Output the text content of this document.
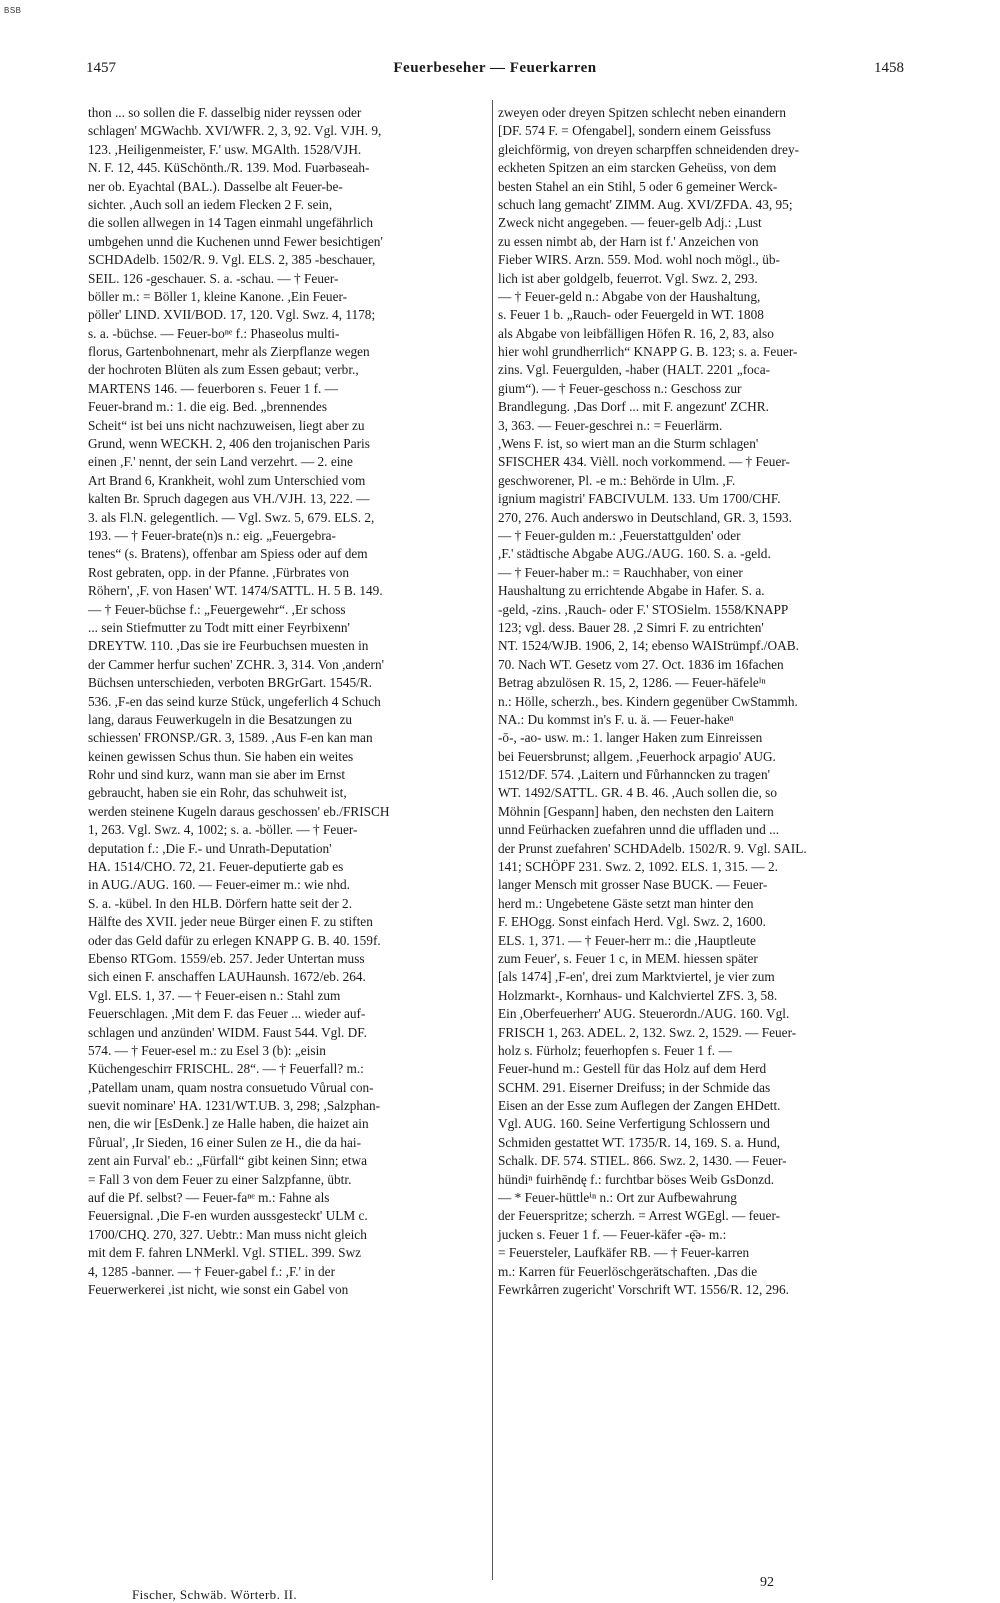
BSB
1457	Feuerbeseher — Feuerkarren	1458
thon ... so sollen die F. dasselbig nider reyssen oder
schlagen' MGWachb. XVI/WFR. 2, 3, 92. Vgl. VJH. 9,
123. ,Heiligenmeister, F.' usw. MGAlth. 1528/VJH.
N. F. 12, 445. KüSchönth./R. 139. Mod. Fuərbəseah-
ner ob. Eyachtal (BAL.). Dasselbe alt Feuer-be-
sichter. ,Auch soll an iedem Flecken 2 F. sein,
die sollen allwegen in 14 Tagen einmahl ungefährlich
umbgehen unnd die Kuchenen unnd Fewer besichtigen'
SCHDAdelb. 1502/R. 9. Vgl. ELS. 2, 385 -beschauer,
SEIL. 126 -geschauer. S. a. -schau. — † Feuer-
böller m.: = Böller 1, kleine Kanone. ,Ein Feuer-
pöller' LIND. XVII/BOD. 17, 120. Vgl. Swz. 4, 1178;
s. a. -büchse. — Feuer-boⁿᵉ f.: Phaseolus multi-
florus, Gartenbohnenart, mehr als Zierpflanze wegen
der hochroten Blüten als zum Essen gebaut; verbr.,
MARTENS 146. — feuerboren s. Feuer 1 f. —
Feuer-brand m.: 1. die eig. Bed. „brennendes
Scheit“ ist bei uns nicht nachzuweisen, liegt aber zu
Grund, wenn WECKH. 2, 406 den trojanischen Paris
einen ,F.' nennt, der sein Land verzehrt. — 2. eine
Art Brand 6, Krankheit, wohl zum Unterschied vom
kalten Br. Spruch dagegen aus VH./VJH. 13, 222. —
3. als Fl.N. gelegentlich. — Vgl. Swz. 5, 679. ELS. 2,
193. — † Feuer-brate(n)s n.: eig. „Feuergebra-
tenes“ (s. Bratens), offenbar am Spiess oder auf dem
Rost gebraten, opp. in der Pfanne. ,Fürbrates von
Röhern', ,F. von Hasen' WT. 1474/SATTL. H. 5 B. 149.
— † Feuer-büchse f.: „Feuergewehr“. ,Er schoss
... sein Stiefmutter zu Todt mitt einer Feyrbixenn'
DREYTW. 110. ,Das sie ire Feurbuchsen muesten in
der Cammer herfur suchen' ZCHR. 3, 314. Von ,andern'
Büchsen unterschieden, verboten BRGrGart. 1545/R.
536. ,F-en das seind kurze Stück, ungeferlich 4 Schuch
lang, daraus Feuwerkugeln in die Besatzungen zu
schiessen' FRONSP./GR. 3, 1589. ,Aus F-en kan man
keinen gewissen Schus thun. Sie haben ein weites
Rohr und sind kurz, wann man sie aber im Ernst
gebraucht, haben sie ein Rohr, das schuhweit ist,
werden steinene Kugeln daraus geschossen' eb./FRISCH
1, 263. Vgl. Swz. 4, 1002; s. a. -böller. — † Feuer-
deputation f.: ,Die F.- und Unrath-Deputation'
HA. 1514/CHO. 72, 21. Feuer-deputierte gab es
in AUG./AUG. 160. — Feuer-eimer m.: wie nhd.
S. a. -kübel. In den HLB. Dörfern hatte seit der 2.
Hälfte des XVII. jeder neue Bürger einen F. zu stiften
oder das Geld dafür zu erlegen KNAPP G. B. 40. 159f.
Ebenso RTGom. 1559/eb. 257. Jeder Untertan muss
sich einen F. anschaffen LAUHaunsh. 1672/eb. 264.
Vgl. ELS. 1, 37. — † Feuer-eisen n.: Stahl zum
Feuerschlagen. ,Mit dem F. das Feuer ... wieder auf-
schlagen und anzünden' WIDM. Faust 544. Vgl. DF.
574. — † Feuer-esel m.: zu Esel 3 (b): „eisin
Küchengeschirr FRISCHL. 28“. — † Feuerfall? m.:
,Patellam unam, quam nostra consuetudo Vůrual con-
suevit nominare' HA. 1231/WT.UB. 3, 298; ,Salzphan-
nen, die wir [EsDenk.] ze Halle haben, die haizet ain
Fůrual', ,Ir Sieden, 16 einer Sulen ze H., die da hai-
zent ain Furval' eb.: „Fürfall“ gibt keinen Sinn; etwa
= Fall 3 von dem Feuer zu einer Salzpfanne, übtr.
auf die Pf. selbst? — Feuer-faⁿᵉ m.: Fahne als
Feuersignal. ,Die F-en wurden aussgesteckt' ULM c.
1700/CHQ. 270, 327. Uebtr.: Man muss nicht gleich
mit dem F. fahren LNMerkl. Vgl. STIEL. 399. Swz
4, 1285 -banner. — † Feuer-gabel f.: ,F.' in der
Feuerwerkerei ,ist nicht, wie sonst ein Gabel von
zweyen oder dreyen Spitzen schlecht neben einandern
[DF. 574 F. = Ofengabel], sondern einem Geissfuss
gleichförmig, von dreyen scharpffen schneidenden drey-
eckheten Spitzen an eim starcken Geheüss, von dem
besten Stahel an ein Stihl, 5 oder 6 gemeiner Werck-
schuch lang gemacht' ZIMM. Aug. XVI/ZFDA. 43, 95;
Zweck nicht angegeben. — feuer-gelb Adj.: ,Lust
zu essen nimbt ab, der Harn ist f.' Anzeichen von
Fieber WIRS. Arzn. 559. Mod. wohl noch mögl., üb-
lich ist aber goldgelb, feuerrot. Vgl. Swz. 2, 293.
— † Feuer-geld n.: Abgabe von der Haushaltung,
s. Feuer 1 b. „Rauch- oder Feuergeld in WT. 1808
als Abgabe von leibfälligen Höfen R. 16, 2, 83, also
hier wohl grundherrlich“ KNAPP G. B. 123; s. a. Feuer-
zins. Vgl. Feuergulden, -haber (HALT. 2201 „foca-
gium“). — † Feuer-geschoss n.: Geschoss zur
Brandlegung. ,Das Dorf ... mit F. angezunt' ZCHR.
3, 363. — Feuer-geschrei n.: = Feuerlärm.
,Wens F. ist, so wiert man an die Sturm schlagen'
SFISCHER 434. Vièll. noch vorkommend. — † Feuer-
geschworener, Pl. -e m.: Behörde in Ulm. ,F.
ignium magistri' FABCIVULM. 133. Um 1700/CHF.
270, 276. Auch anderswo in Deutschland, GR. 3, 1593.
— † Feuer-gulden m.: ,Feuerstattgulden' oder
,F.' städtische Abgabe AUG./AUG. 160. S. a. -geld.
— † Feuer-haber m.: = Rauchhaber, von einer
Haushaltung zu errichtende Abgabe in Hafer. S. a.
-geld, -zins. ,Rauch- oder F.' STOSielm. 1558/KNAPP
123; vgl. dess. Bauer 28. ,2 Simri F. zu entrichten'
NT. 1524/WJB. 1906, 2, 14; ebenso WAIStrümpf./OAB.
70. Nach WT. Gesetz vom 27. Oct. 1836 im 16fachen
Betrag abzulösen R. 15, 2, 1286. — Feuer-häfeleⁱⁿ
n.: Hölle, scherzh., bes. Kindern gegenüber CwStammh.
NA.: Du kommst in's F. u. ä. — Feuer-hakeⁿ
-ō-, -ao- usw. m.: 1. langer Haken zum Einreissen
bei Feuersbrunst; allgem. ,Feuerhock arpagio' AUG.
1512/DF. 574. ,Laitern und Fůrhanncken zu tragen'
WT. 1492/SATTL. GR. 4 B. 46. ,Auch sollen die, so
Möhnin [Gespann] haben, den nechsten den Laitern
unnd Feürhacken zuefahren unnd die uffladen und ...
der Prunst zuefahren' SCHDAdelb. 1502/R. 9. Vgl. SAIL.
141; SCHÖPF 231. Swz. 2, 1092. ELS. 1, 315. — 2.
langer Mensch mit grosser Nase BUCK. — Feuer-
herd m.: Ungebetene Gäste setzt man hinter den
F. EHOgg. Sonst einfach Herd. Vgl. Swz. 2, 1600.
ELS. 1, 371. — † Feuer-herr m.: die ,Hauptleute
zum Feuer', s. Feuer 1 c, in MEM. hiessen später
[als 1474] ,F-en', drei zum Marktviertel, je vier zum
Holzmarkt-, Kornhaus- und Kalchviertel ZFS. 3, 58.
Ein ,Oberfeuerherr' AUG. Steuerordn./AUG. 160. Vgl.
FRISCH 1, 263. ADEL. 2, 132. Swz. 2, 1529. — Feuer-
holz s. Fürholz; feuerhopfen s. Feuer 1 f. —
Feuer-hund m.: Gestell für das Holz auf dem Herd
SCHM. 291. Eiserner Dreifuss; in der Schmide das
Eisen an der Esse zum Auflegen der Zangen EHDett.
Vgl. AUG. 160. Seine Verfertigung Schlossern und
Schmiden gestattet WT. 1735/R. 14, 169. S. a. Hund,
Schalk. DF. 574. STIEL. 866. Swz. 2, 1430. — Feuer-
hündiⁿ fuirhēndę f.: furchtbar böses Weib GsDonzd.
— * Feuer-hüttleⁱⁿ n.: Ort zur Aufbewahrung
der Feuerspritze; scherzh. = Arrest WGEgl. — feuer-
jucken s. Feuer 1 f. — Feuer-käfer -ę̄ə- m.:
= Feuersteler, Laufkäfer RB. — † Feuer-karren
m.: Karren für Feuerlöschgerätschaften. ,Das die
Fewrkårren zugericht' Vorschrift WT. 1556/R. 12, 296.
Fischer, Schwäb. Wörterb. II.
92
